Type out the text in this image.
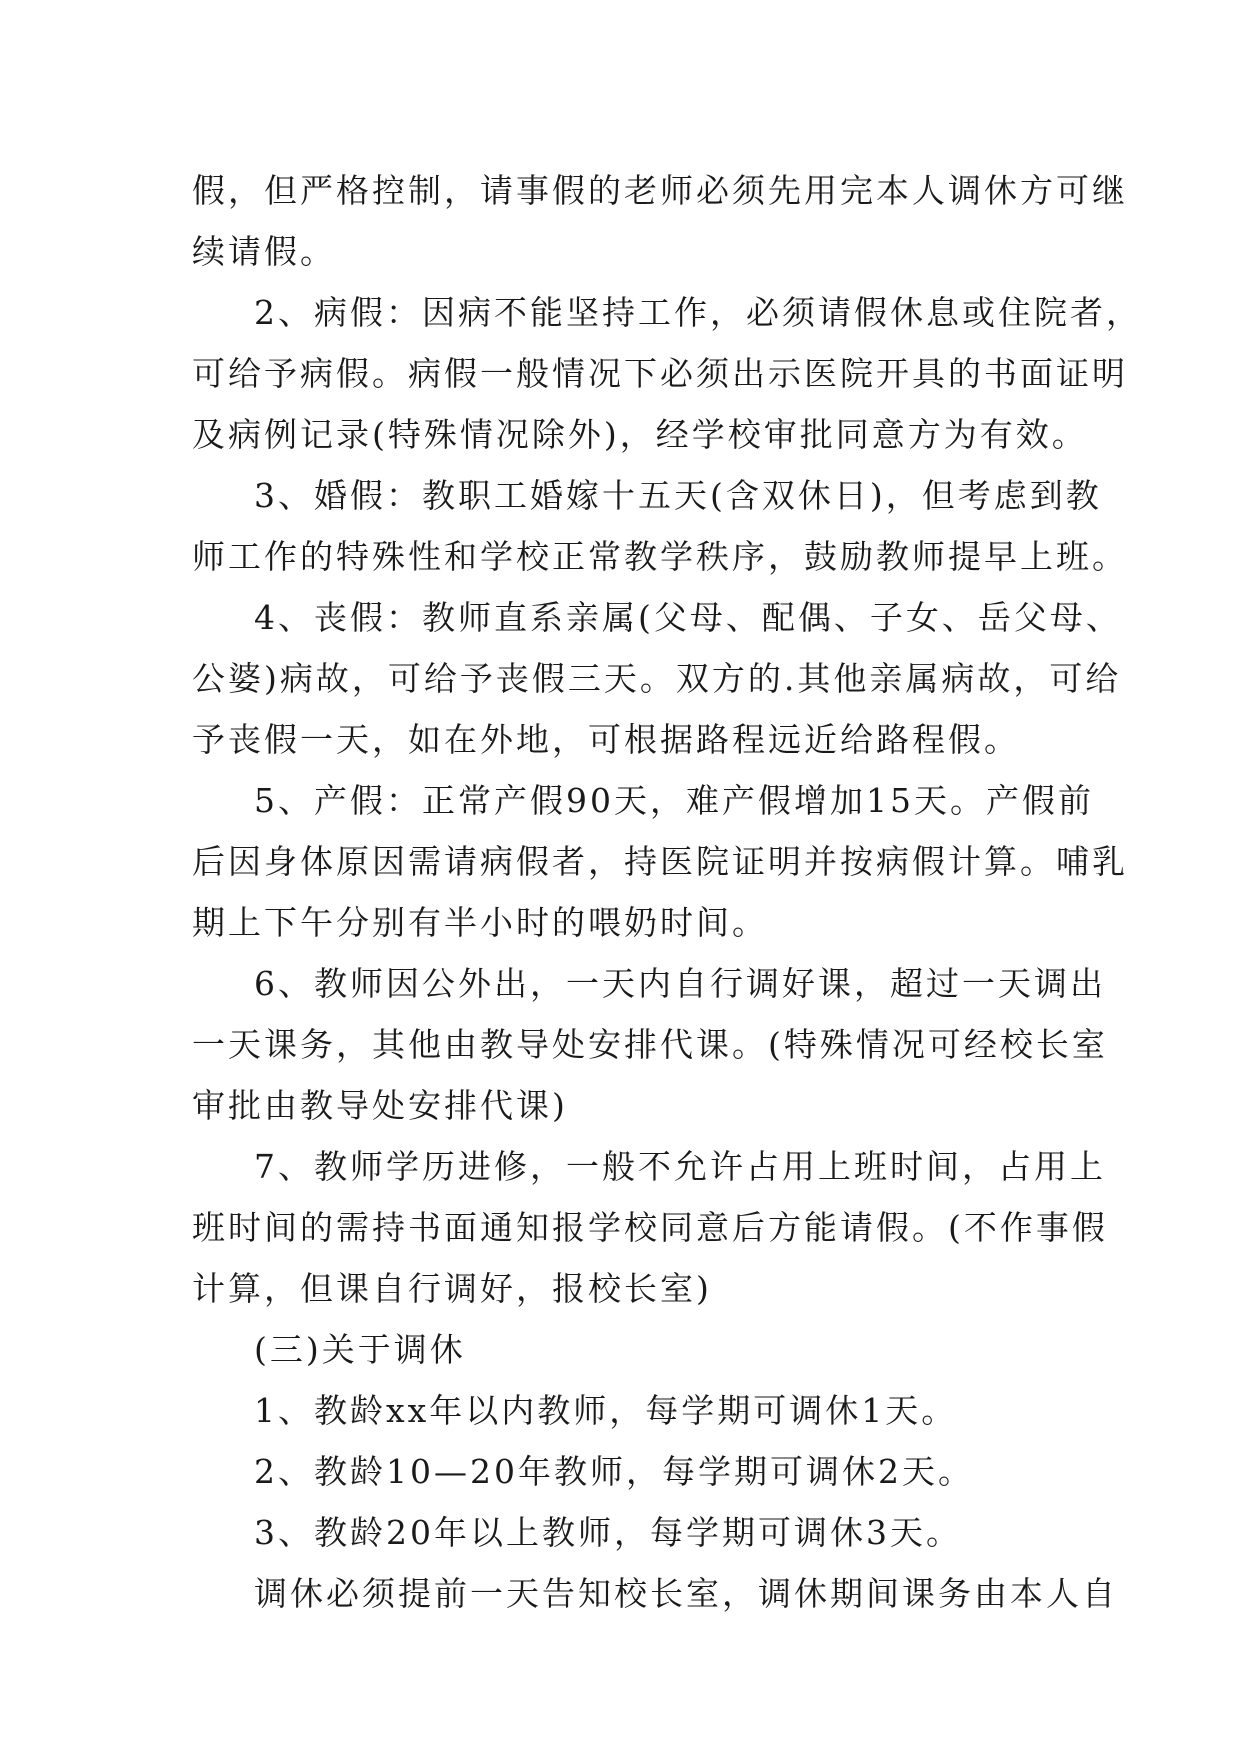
假，但严格控制，请事假的老师必须先用完本人调休方可继
续请假。
2、病假：因病不能坚持工作，必须请假休息或住院者，
可给予病假。病假一般情况下必须出示医院开具的书面证明
及病例记录(特殊情况除外)，经学校审批同意方为有效。
3、婚假：教职工婚嫁十五天(含双休日)，但考虑到教
师工作的特殊性和学校正常教学秩序，鼓励教师提早上班。
4、丧假：教师直系亲属(父母、配偶、子女、岳父母、
公婆)病故，可给予丧假三天。双方的.其他亲属病故，可给
予丧假一天，如在外地，可根据路程远近给路程假。
5、产假：正常产假90天，难产假增加15天。产假前
后因身体原因需请病假者，持医院证明并按病假计算。哺乳
期上下午分别有半小时的喂奶时间。
6、教师因公外出，一天内自行调好课，超过一天调出
一天课务，其他由教导处安排代课。(特殊情况可经校长室
审批由教导处安排代课)
7、教师学历进修，一般不允许占用上班时间，占用上
班时间的需持书面通知报学校同意后方能请假。(不作事假
计算，但课自行调好，报校长室)
(三)关于调休
1、教龄xx年以内教师，每学期可调休1天。
2、教龄10—20年教师，每学期可调休2天。
3、教龄20年以上教师，每学期可调休3天。
调休必须提前一天告知校长室，调休期间课务由本人自
